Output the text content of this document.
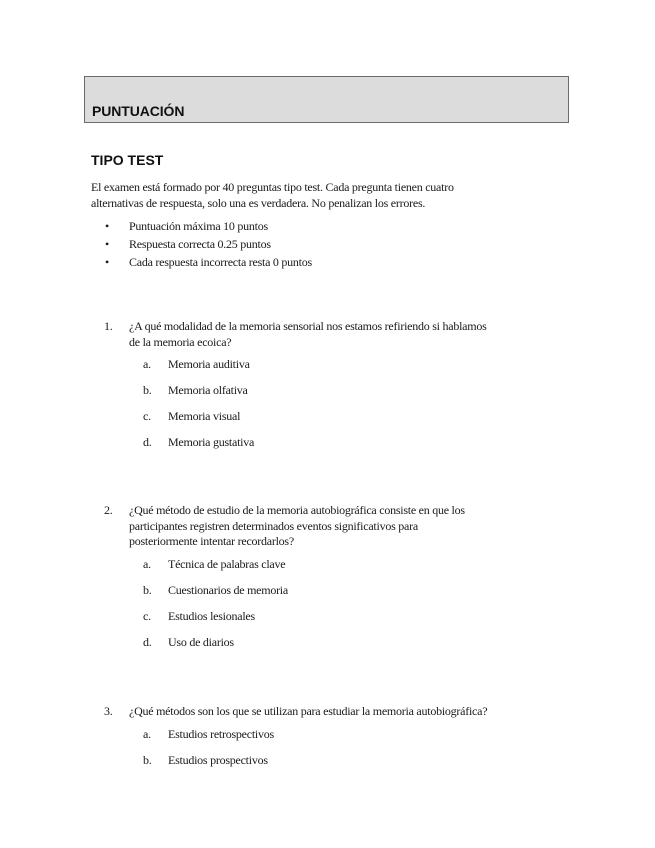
PUNTUACIÓN
TIPO TEST
El examen está formado por 40 preguntas tipo test. Cada pregunta tienen cuatro
alternativas de respuesta, solo una es verdadera. No penalizan los errores.
• Puntuación máxima 10 puntos
• Respuesta correcta 0.25 puntos
• Cada respuesta incorrecta resta 0 puntos
1. ¿A qué modalidad de la memoria sensorial nos estamos refiriendo si hablamos
de la memoria ecoica?
a. Memoria auditiva
b. Memoria olfativa
c. Memoria visual
d. Memoria gustativa
2. ¿Qué método de estudio de la memoria autobiográfica consiste en que los
participantes registren determinados eventos significativos para
posteriormente intentar recordarlos?
a. Técnica de palabras clave
b. Cuestionarios de memoria
c. Estudios lesionales
d. Uso de diarios
3. ¿Qué métodos son los que se utilizan para estudiar la memoria autobiográfica?
a. Estudios retrospectivos
b. Estudios prospectivos
